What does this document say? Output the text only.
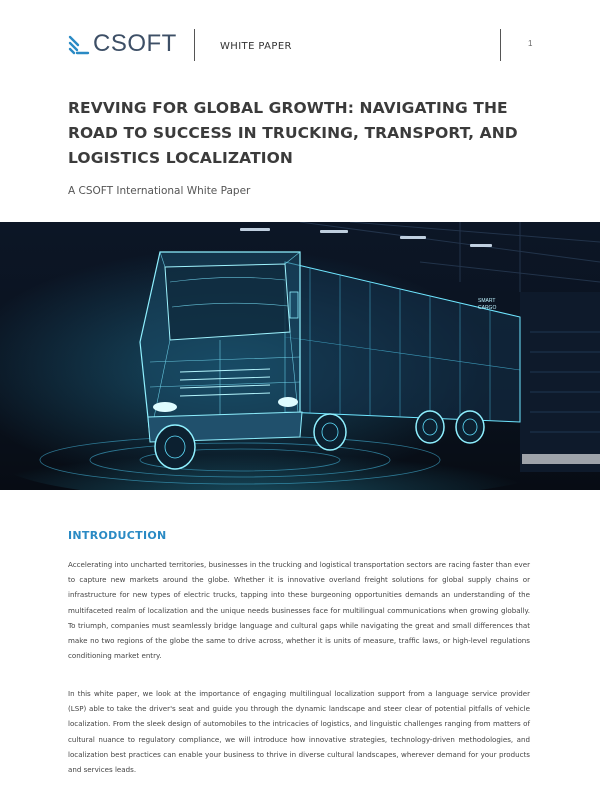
CSOFT	WHITE PAPER	1
REVVING FOR GLOBAL GROWTH: NAVIGATING THE ROAD TO SUCCESS IN TRUCKING, TRANSPORT, AND LOGISTICS LOCALIZATION
A CSOFT International White Paper
SMART
CARGO
INTRODUCTION

Accelerating into uncharted territories, businesses in the trucking and logistical transportation sectors are racing faster than ever to capture new markets around the globe. Whether it is innovative overland freight solutions for global supply chains or infrastructure for new types of electric trucks, tapping into these burgeoning opportunities demands an understanding of the multifaceted realm of localization and the unique needs businesses face for multilingual communications when growing globally. To triumph, companies must seamlessly bridge language and cultural gaps while navigating the great and small differences that make no two regions of the globe the same to drive across, whether it is units of measure, traffic laws, or high-level regulations conditioning market entry.

In this white paper, we look at the importance of engaging multilingual localization support from a language service provider (LSP) able to take the driver's seat and guide you through the dynamic landscape and steer clear of potential pitfalls of vehicle localization. From the sleek design of automobiles to the intricacies of logistics, and linguistic challenges ranging from matters of cultural nuance to regulatory compliance, we will introduce how innovative strategies, technology-driven methodologies, and localization best practices can enable your business to thrive in diverse cultural landscapes, wherever demand for your products and services leads.
